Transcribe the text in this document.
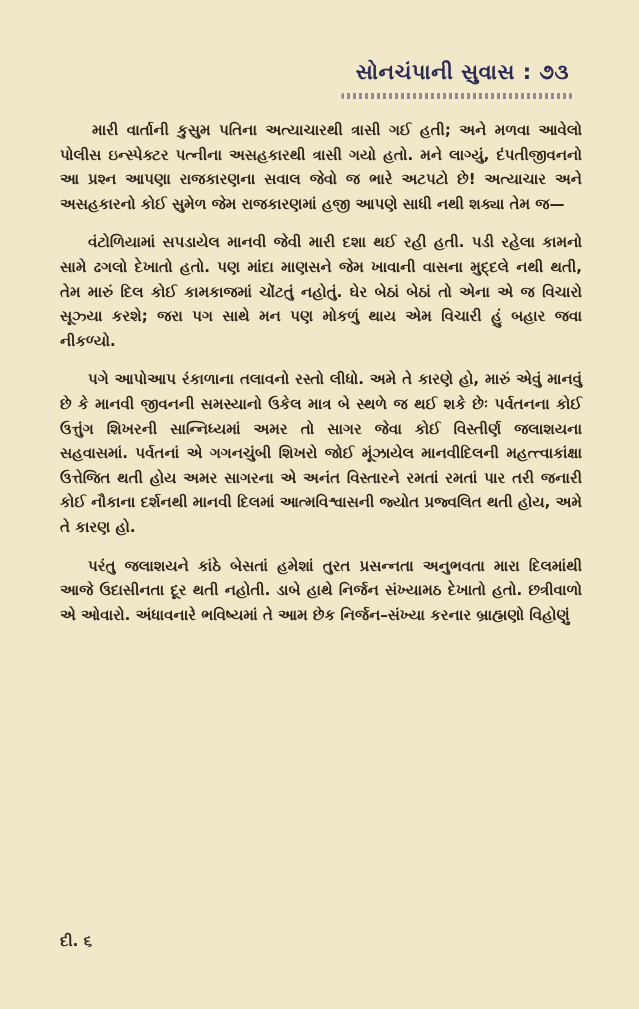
સોનચંપાની સુવાસ : ૭૩

મારી વાર્તાની કુસુમ પતિના અત્યાચારથી ત્રાસી ગઈ હતી; અને મળવા આવેલો પોલીસ ઇન્સ્પેક્ટર પત્નીના અસહકારથી ત્રાસી ગયો હતો. મને લાગ્યું, દંપતીજીવનનો આ પ્રશ્ન આપણા રાજકારણના સવાલ જેવો જ ભારે અટપટો છે! અત્યાચાર અને અસહકારનો કોઈ સુમેળ જેમ રાજકારણમાં હજી આપણે સાધી નથી શક્યા તેમ જ—

વંટોળિયામાં સપડાયેલ માનવી જેવી મારી દશા થઈ રહી હતી. પડી રહેલા કામનો સામે ઢગલો દેખાતો હતો. પણ માંદા માણસને જેમ ખાવાની વાસના મુદ્દલે નથી થતી, તેમ મારું દિલ કોઈ કામકાજમાં ચોંટતું નહોતું. ઘેર બેઠાં બેઠાં તો એના એ જ વિચારો સૂઝ્યા કરશે; જરા પગ સાથે મન પણ મોકળું થાય એમ વિચારી હું બહાર જવા નીકળ્યો.

પગે આપોઆપ રંકાળાના તલાવનો રસ્તો લીધો. અમે તે કારણે હો, મારું એવું માનવું છે કે માનવી જીવનની સમસ્યાનો ઉકેલ માત્ર બે સ્થળે જ થઈ શકે છેઃ પર્વતનના કોઈ ઉત્તુંગ શિખરની સાન્નિધ્યમાં અમર તો સાગર જેવા કોઈ વિસ્તીર્ણ જલાશયના સહવાસમાં. પર્વતનાં એ ગગનચુંબી શિખરો જોઈ મૂંઝાયેલ માનવીદિલની મહત્ત્વાકાંક્ષા ઉત્તેજિત થતી હોય અમર સાગરના એ અનંત વિસ્તારને રમતાં રમતાં પાર તરી જનારી કોઈ નૌકાના દર્શનથી માનવી દિલમાં આત્મવિશ્વાસની જ્યોત પ્રજ્વલિત થતી હોય, અમે તે કારણ હો.

પરંતુ જલાશયને કાંઠે બેસતાં હમેશાં તુરત પ્રસન્નતા અનુભવતા મારા દિલમાંથી આજે ઉદાસીનતા દૂર થતી નહોતી. ડાબે હાથે નિર્જન સંખ્યામઠ દેખાતો હતો. છત્રીવાળો એ ઓવારો. અંધાવનારે ભવિષ્યમાં તે આમ છેક નિર્જન–સંખ્યા કરનાર બ્રાહ્મણો વિહોણું

દી. ૬
